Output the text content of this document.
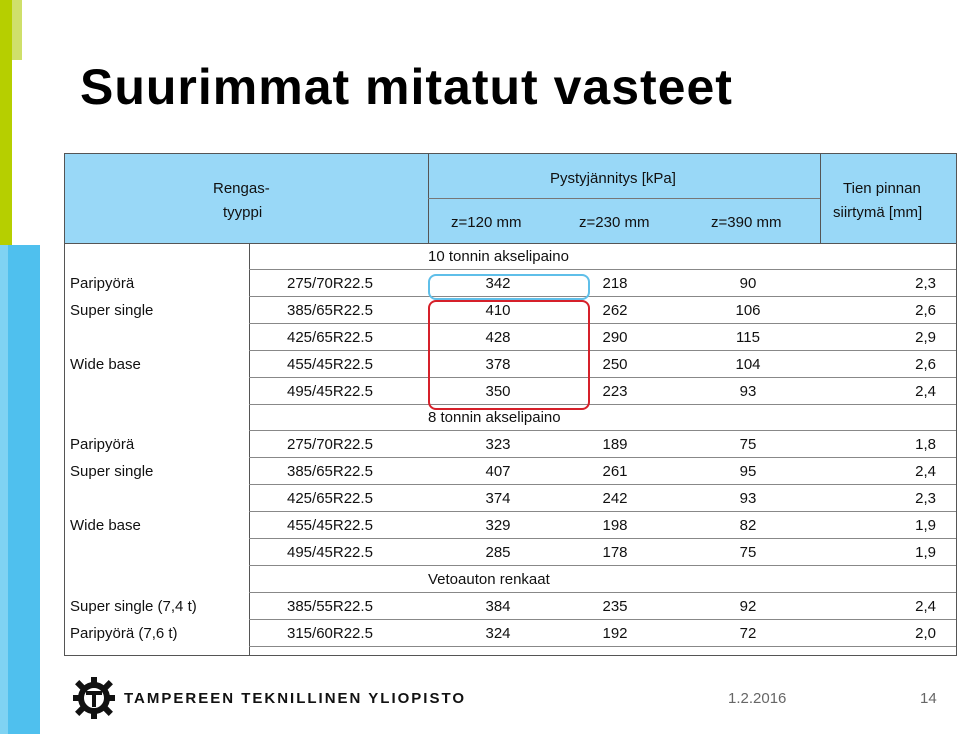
Suurimmat mitatut vasteet
Rengas-
tyyppi
Pystyjännitys [kPa]
z=120 mm	z=230 mm	z=390 mm
Tien pinnan
siirtymä [mm]
10 tonnin akselipaino
Paripyörä	275/70R22.5	342	218	90	2,3
Super single	385/65R22.5	410	262	106	2,6
425/65R22.5	428	290	115	2,9
Wide base	455/45R22.5	378	250	104	2,6
495/45R22.5	350	223	93	2,4
8 tonnin akselipaino
Paripyörä	275/70R22.5	323	189	75	1,8
Super single	385/65R22.5	407	261	95	2,4
425/65R22.5	374	242	93	2,3
Wide base	455/45R22.5	329	198	82	1,9
495/45R22.5	285	178	75	1,9
Vetoauton renkaat
Super single (7,4 t)	385/55R22.5	384	235	92	2,4
Paripyörä (7,6 t)	315/60R22.5	324	192	72	2,0
TAMPEREEN TEKNILLINEN YLIOPISTO	1.2.2016	14
